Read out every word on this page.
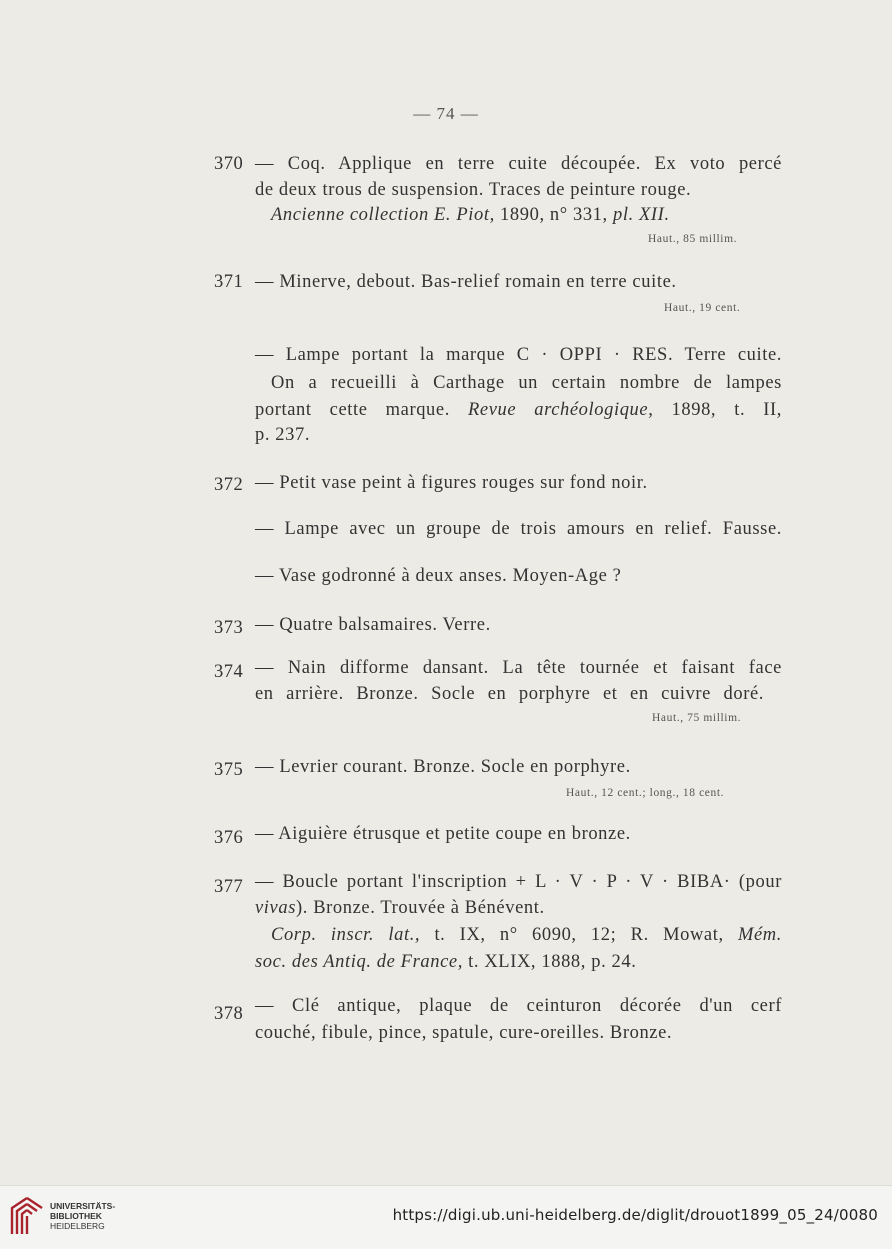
— 74 —
370 — Coq. Applique en terre cuite découpée. Ex voto percé
de deux trous de suspension. Traces de peinture rouge.
Ancienne collection E. Piot, 1890, n° 331, pl. XII.
Haut., 85 millim.
371 — Minerve, debout. Bas-relief romain en terre cuite.
Haut., 19 cent.
— Lampe portant la marque C · OPPI · RES. Terre cuite.
On a recueilli à Carthage un certain nombre de lampes
portant cette marque. Revue archéologique, 1898, t. II,
p. 237.
372 — Petit vase peint à figures rouges sur fond noir.
— Lampe avec un groupe de trois amours en relief. Fausse.
— Vase godronné à deux anses. Moyen-Age ?
373 — Quatre balsamaires. Verre.
374 — Nain difforme dansant. La tête tournée et faisant face
en arrière. Bronze. Socle en porphyre et en cuivre doré.
Haut., 75 millim.
375 — Levrier courant. Bronze. Socle en porphyre.
Haut., 12 cent.; long., 18 cent.
376 — Aiguière étrusque et petite coupe en bronze.
377 — Boucle portant l'inscription + L · V · P · V · BIBA· (pour
vivas). Bronze. Trouvée à Bénévent.
Corp. inscr. lat., t. IX, n° 6090, 12; R. Mowat, Mém.
soc. des Antiq. de France, t. XLIX, 1888, p. 24.
378 — Clé antique, plaque de ceinturon décorée d'un cerf
couché, fibule, pince, spatule, cure-oreilles. Bronze.
UNIVERSITÄTS-
BIBLIOTHEK
HEIDELBERG
https://digi.ub.uni-heidelberg.de/diglit/drouot1899_05_24/0080
